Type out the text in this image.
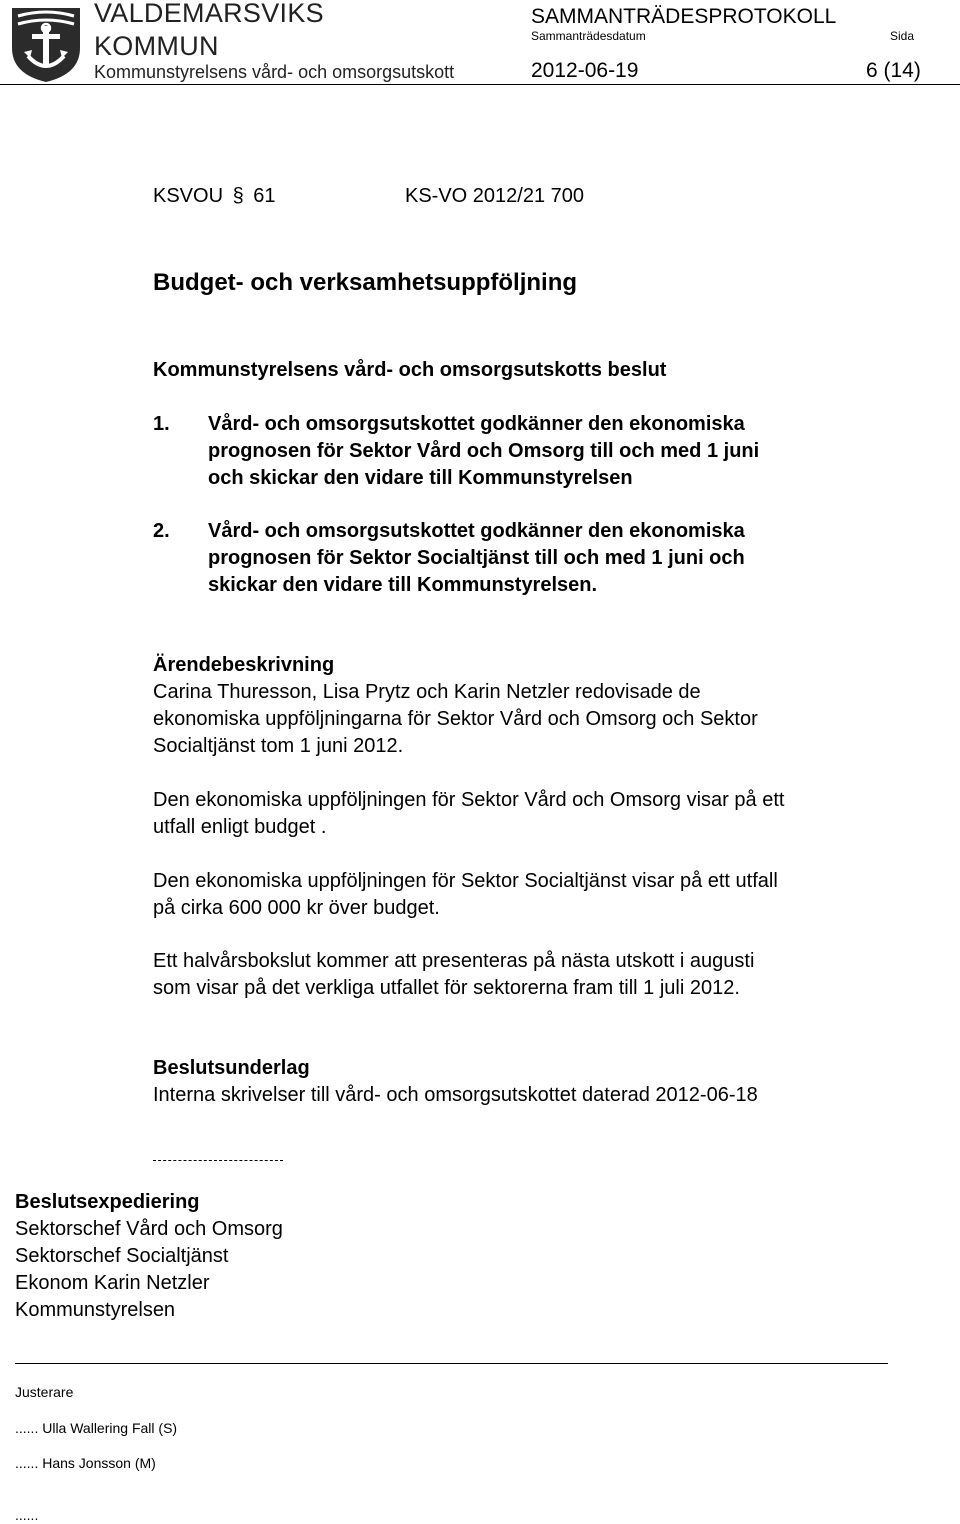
VALDEMARSVIKS
KOMMUN
Kommunstyrelsens vård- och omsorgsutskott
SAMMANTRÄDESPROTOKOLL
Sammanträdesdatum	Sida
2012-06-19	6 (14)
KSVOU § 61	KS-VO 2012/21 700
Budget- och verksamhetsuppföljning
Kommunstyrelsens vård- och omsorgsutskotts beslut
1. Vård- och omsorgsutskottet godkänner den ekonomiska
prognosen för Sektor Vård och Omsorg till och med 1 juni
och skickar den vidare till Kommunstyrelsen
2. Vård- och omsorgsutskottet godkänner den ekonomiska
prognosen för Sektor Socialtjänst till och med 1 juni och
skickar den vidare till Kommunstyrelsen.
Ärendebeskrivning
Carina Thuresson, Lisa Prytz och Karin Netzler redovisade de
ekonomiska uppföljningarna för Sektor Vård och Omsorg och Sektor
Socialtjänst tom 1 juni 2012.
Den ekonomiska uppföljningen för Sektor Vård och Omsorg visar på ett
utfall enligt budget .
Den ekonomiska uppföljningen för Sektor Socialtjänst visar på ett utfall
på cirka 600 000 kr över budget.
Ett halvårsbokslut kommer att presenteras på nästa utskott i augusti
som visar på det verkliga utfallet för sektorerna fram till 1 juli 2012.
Beslutsunderlag
Interna skrivelser till vård- och omsorgsutskottet daterad 2012-06-18
Beslutsexpediering
Sektorschef Vård och Omsorg
Sektorschef Socialtjänst
Ekonom Karin Netzler
Kommunstyrelsen
Justerare
...... Ulla Wallering Fall (S)
...... Hans Jonsson (M)
......
